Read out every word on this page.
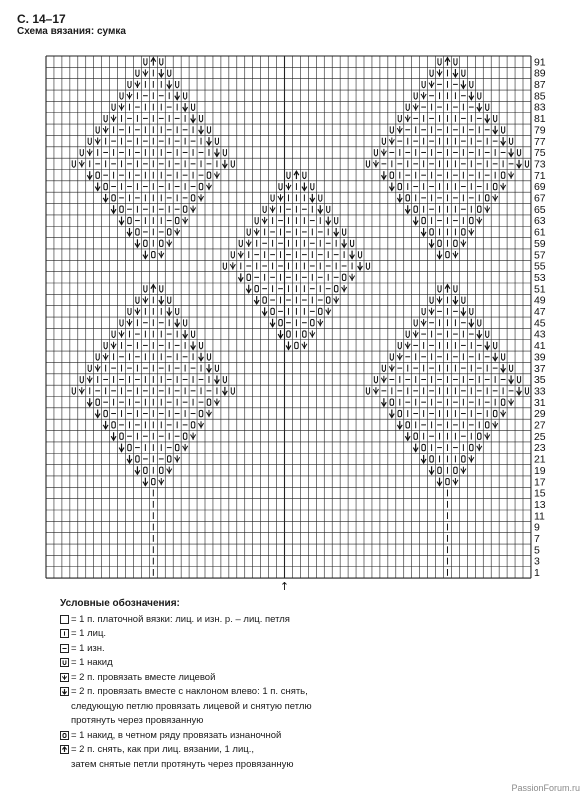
С. 14–17
Схема вязания: сумка
91
89
87
85
83
81
79
77
75
73
71
69
67
65
63
61
59
57
55
53
51
49
47
45
43
41
39
37
35
33
31
29
27
25
23
21
19
17
15
13
11
9
7
5
3
1
↑
Условные обозначения:
= 1 п. платочной вязки: лиц. и изн. р. – лиц. петля
= 1 лиц.
= 1 изн.
= 1 накид
= 2 п. провязать вместе лицевой
= 2 п. провязать вместе с наклоном влево: 1 п. снять,
следующую петлю провязать лицевой и снятую петлю
протянуть через провязанную
= 1 накид, в четном ряду провязать изнаночной
= 2 п. снять, как при лиц. вязании, 1 лиц.,
затем снятые петли протянуть через провязанную
PassionForum.ru
